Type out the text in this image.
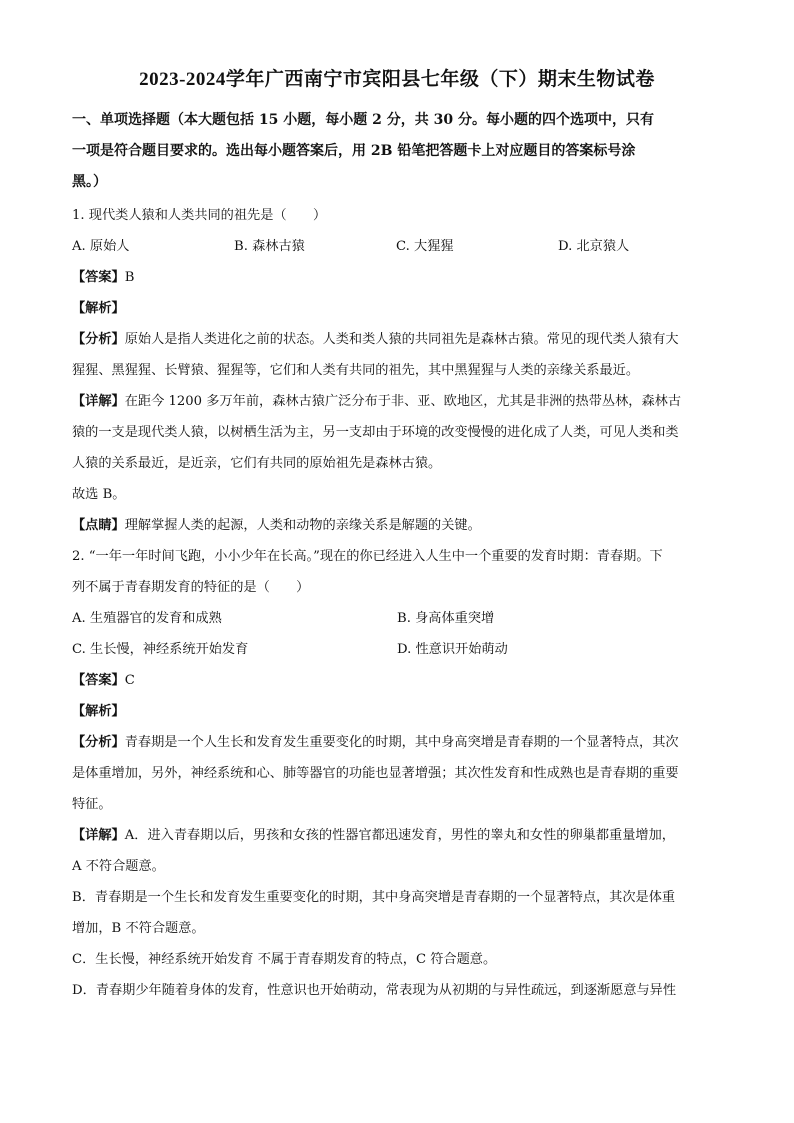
2023-2024学年广西南宁市宾阳县七年级（下）期末生物试卷
一、单项选择题（本大题包括 15 小题，每小题 2 分，共 30 分。每小题的四个选项中，只有
一项是符合题目要求的。选出每小题答案后，用 2B 铅笔把答题卡上对应题目的答案标号涂
黑。）

1. 现代类人猿和人类共同的祖先是（　　）

A. 原始人	B. 森林古猿	C. 大猩猩	D. 北京猿人

【答案】B

【解析】

【分析】原始人是指人类进化之前的状态。人类和类人猿的共同祖先是森林古猿。常见的现代类人猿有大

猩猩、黑猩猩、长臂猿、猩猩等，它们和人类有共同的祖先，其中黑猩猩与人类的亲缘关系最近。

【详解】在距今 1200 多万年前，森林古猿广泛分布于非、亚、欧地区，尤其是非洲的热带丛林，森林古

猿的一支是现代类人猿，以树栖生活为主，另一支却由于环境的改变慢慢的进化成了人类，可见人类和类

人猿的关系最近，是近亲，它们有共同的原始祖先是森林古猿。

故选 B。

【点睛】理解掌握人类的起源，人类和动物的亲缘关系是解题的关键。

2. “一年一年时间飞跑，小小少年在长高。”现在的你已经进入人生中一个重要的发育时期：青春期。下

列不属于青春期发育的特征的是（　　）

A. 生殖器官的发育和成熟	B. 身高体重突增
C. 生长慢，神经系统开始发育	D. 性意识开始萌动

【答案】C

【解析】

【分析】青春期是一个人生长和发育发生重要变化的时期，其中身高突增是青春期的一个显著特点，其次

是体重增加，另外，神经系统和心、肺等器官的功能也显著增强；其次性发育和性成熟也是青春期的重要

特征。

【详解】A．进入青春期以后，男孩和女孩的性器官都迅速发育，男性的睾丸和女性的卵巢都重量增加，

A 不符合题意。

B．青春期是一个生长和发育发生重要变化的时期，其中身高突增是青春期的一个显著特点，其次是体重

增加，B 不符合题意。

C．生长慢，神经系统开始发育 不属于青春期发育的特点，C 符合题意。

D．青春期少年随着身体的发育，性意识也开始萌动，常表现为从初期的与异性疏远，到逐渐愿意与异性
